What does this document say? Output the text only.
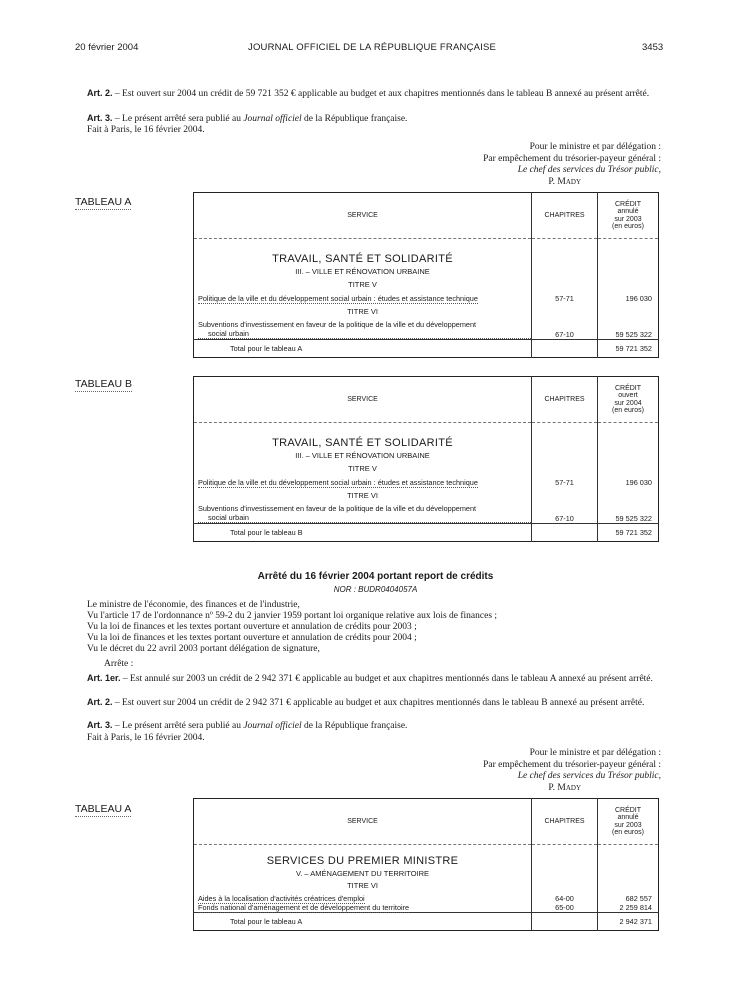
20 février 2004	JOURNAL OFFICIEL DE LA RÉPUBLIQUE FRANÇAISE	3453
Art. 2. – Est ouvert sur 2004 un crédit de 59 721 352 € applicable au budget et aux chapitres mentionnés dans le tableau B annexé au présent arrêté.
Art. 3. – Le présent arrêté sera publié au Journal officiel de la République française.
Fait à Paris, le 16 février 2004.
Pour le ministre et par délégation :
Par empêchement du trésorier-payeur général :
Le chef des services du Trésor public,
P. Mady
TABLEAU A
SERVICE	CHAPITRES	CRÉDIT
annulé
sur 2003
(en euros)

TRAVAIL, SANTÉ ET SOLIDARITÉ		
III. – VILLE ET RÉNOVATION URBAINE		
TITRE V		
Politique de la ville et du développement social urbain : études et assistance technique	57-71	196 030
TITRE VI		

Subventions d'investissement en faveur de la politique de la ville et du développement
social urbain	67-10	59 525 322
Total pour le tableau A		59 721 352
TABLEAU B
SERVICE	CHAPITRES	CRÉDIT
ouvert
sur 2004
(en euros)

TRAVAIL, SANTÉ ET SOLIDARITÉ		
III. – VILLE ET RÉNOVATION URBAINE		
TITRE V		
Politique de la ville et du développement social urbain : études et assistance technique	57-71	196 030
TITRE VI		

Subventions d'investissement en faveur de la politique de la ville et du développement
social urbain	67-10	59 525 322
Total pour le tableau B		59 721 352
Arrêté du 16 février 2004 portant report de crédits
NOR : BUDR0404057A
Le ministre de l'économie, des finances et de l'industrie,
Vu l'article 17 de l'ordonnance nº 59-2 du 2 janvier 1959 portant loi organique relative aux lois de finances ;
Vu la loi de finances et les textes portant ouverture et annulation de crédits pour 2003 ;
Vu la loi de finances et les textes portant ouverture et annulation de crédits pour 2004 ;
Vu le décret du 22 avril 2003 portant délégation de signature,
Arrête :
Art. 1er. – Est annulé sur 2003 un crédit de 2 942 371 € applicable au budget et aux chapitres mentionnés dans le tableau A annexé au présent arrêté.
Art. 2. – Est ouvert sur 2004 un crédit de 2 942 371 € applicable au budget et aux chapitres mentionnés dans le tableau B annexé au présent arrêté.
Art. 3. – Le présent arrêté sera publié au Journal officiel de la République française.
Fait à Paris, le 16 février 2004.
Pour le ministre et par délégation :
Par empêchement du trésorier-payeur général :
Le chef des services du Trésor public,
P. Mady
TABLEAU A
SERVICE	CHAPITRES	CRÉDIT
annulé
sur 2003
(en euros)

SERVICES DU PREMIER MINISTRE		
V. – AMÉNAGEMENT DU TERRITOIRE		
TITRE VI		
Aides à la localisation d'activités créatrices d'emploi	64-00	682 557
Fonds national d'aménagement et de développement du territoire	65-00	2 259 814
Total pour le tableau A		2 942 371
